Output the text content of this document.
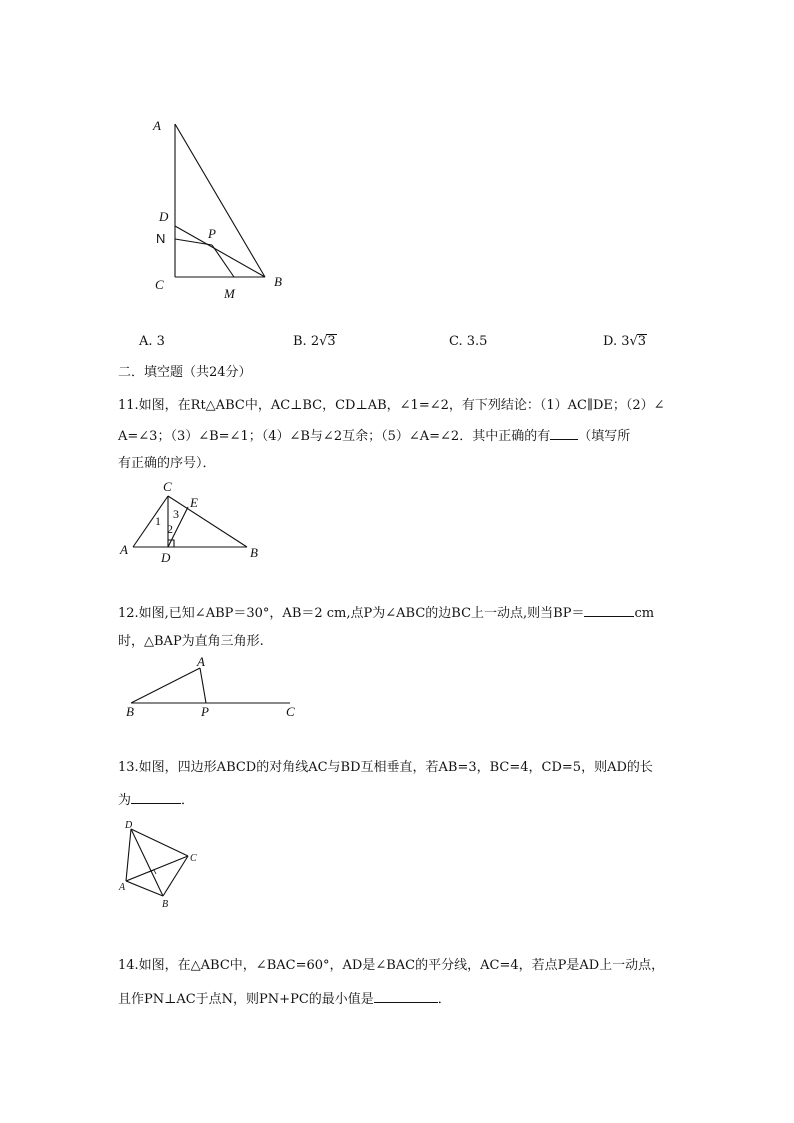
A
D
N	P
C
M
B
A. 3	B. 2√3	C. 3.5	D. 3√3
二．填空题（共24分）
11.如图，在Rt△ABC中，AC⊥BC，CD⊥AB，∠1=∠2，有下列结论：（1）AC∥DE；（2）∠
A=∠3；（3）∠B=∠1；（4）∠B与∠2互余；（5）∠A=∠2．其中正确的有 （填写所
有正确的序号）．
C
E
A
D	B
1
2
3
12.如图,已知∠ABP＝30°，AB＝2 cm,点P为∠ABC的边BC上一动点,则当BP＝	cm
时，△BAP为直角三角形.
A
B	P	C
13.如图，四边形ABCD的对角线AC与BD互相垂直，若AB=3，BC=4，CD=5，则AD的长
为	．
D
C
A
B
14.如图，在△ABC中，∠BAC=60°，AD是∠BAC的平分线，AC=4，若点P是AD上一动点，
且作PN⊥AC于点N，则PN+PC的最小值是	．
